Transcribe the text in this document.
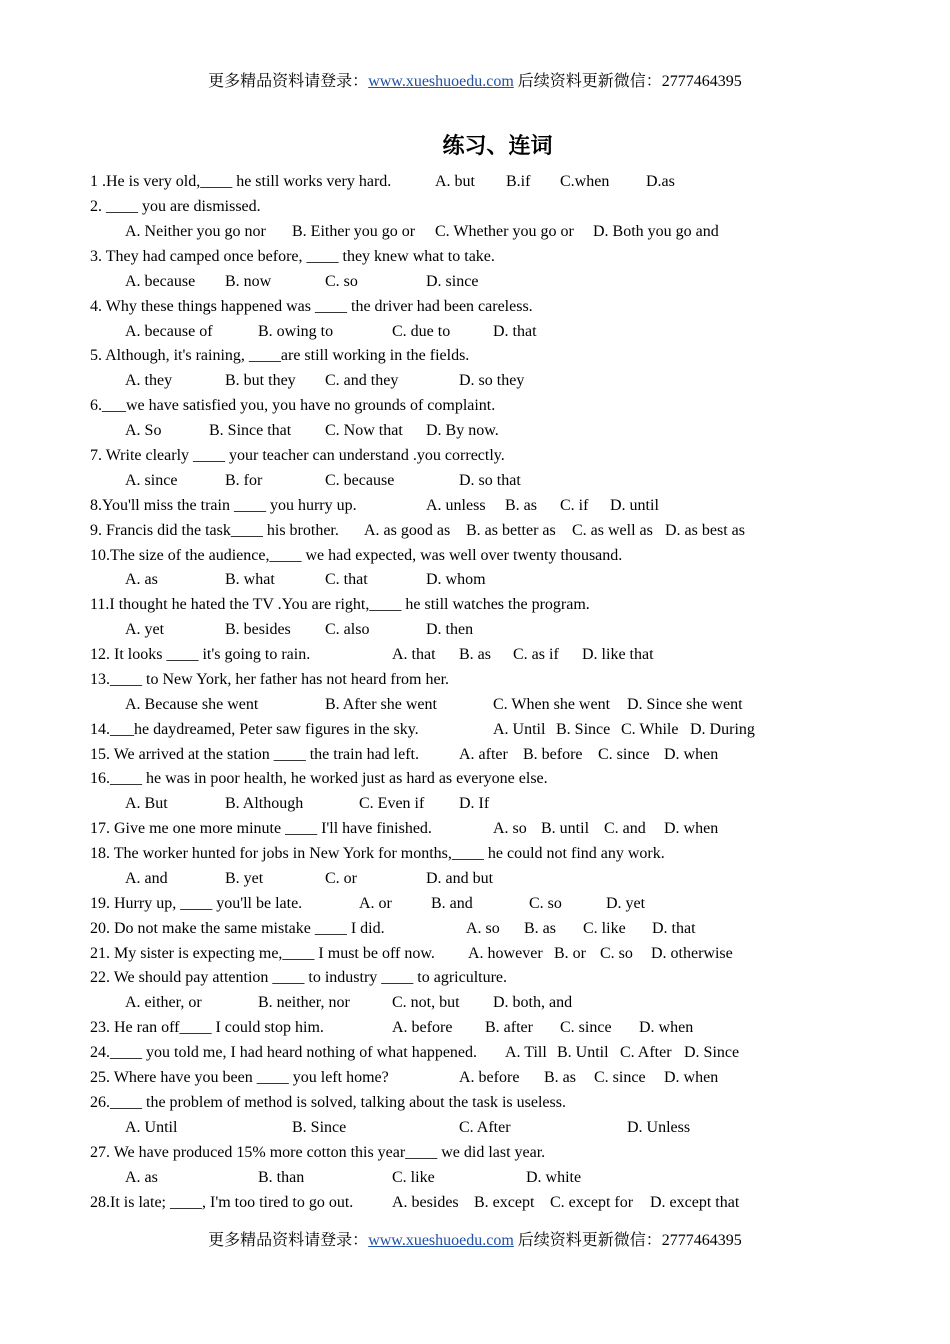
更多精品资料请登录：www.xueshuoedu.com 后续资料更新微信：2777464395
练习、连词
1 .He is very old,____ he still works very hard.	A. but B.if C.when D.as
2. ____ you are dismissed.
A. Neither you go nor B. Either you go or C. Whether you go or D. Both you go and
3. They had camped once before, ____ they knew what to take.
A. because B. now	C. so	D. since
4. Why these things happened was ____ the driver had been careless.
A. because of	B. owing to	C. due to	D. that
5. Although, it's raining, ____are still working in the fields.
A. they	B. but they C. and they	D. so they
6.___we have satisfied you, you have no grounds of complaint.
A. So	B. Since that C. Now that D. By now.
7. Write clearly ____ your teacher can understand .you correctly.
A. since	B. for	C. because	D. so that
8.You'll miss the train ____ you hurry up.	A. unless B. as C. if D. until
9. Francis did the task____ his brother. A. as good as B. as better as C. as well as D. as best as
10.The size of the audience,____ we had expected, was well over twenty thousand.
A. as	B. what	C. that	D. whom
11.I thought he hated the TV .You are right,____ he still watches the program.
A. yet	B. besides C. also	D. then
12. It looks ____ it's going to rain.	A. that B. as C. as if D. like that
13.____ to New York, her father has not heard from her.
A. Because she went	B. After she went	C. When she went D. Since she went
14.___he daydreamed, Peter saw figures in the sky.	A. Until B. Since C. While D. During
15. We arrived at the station ____ the train had left.	A. after B. before C. since D. when
16.____ he was in poor health, he worked just as hard as everyone else.
A. But	B. Although	C. Even if D. If
17. Give me one more minute ____ I'll have finished.	A. so B. until C. and D. when
18. The worker hunted for jobs in New York for months,____ he could not find any work.
A. and	B. yet	C. or	D. and but
19. Hurry up, ____ you'll be late.	A. or B. and	C. so	D. yet
20. Do not make the same mistake ____ I did.	A. so B. as C. like D. that
21. My sister is expecting me,____ I must be off now. A. however B. or C. so D. otherwise
22. We should pay attention ____ to industry ____ to agriculture.
A. either, or	B. neither, nor	C. not, but D. both, and
23. He ran off____ I could stop him.	A. before B. after C. since D. when
24.____ you told me, I had heard nothing of what happened. A. Till B. Until C. After D. Since
25. Where have you been ____ you left home?	A. before B. as C. since D. when
26.____ the problem of method is solved, talking about the task is useless.
A. Until	B. Since	C. After	D. Unless
27. We have produced 15% more cotton this year____ we did last year.
A. as	B. than	C. like	D. white
28.It is late; ____, I'm too tired to go out. A. besides B. except C. except for D. except that
更多精品资料请登录：www.xueshuoedu.com 后续资料更新微信：2777464395
